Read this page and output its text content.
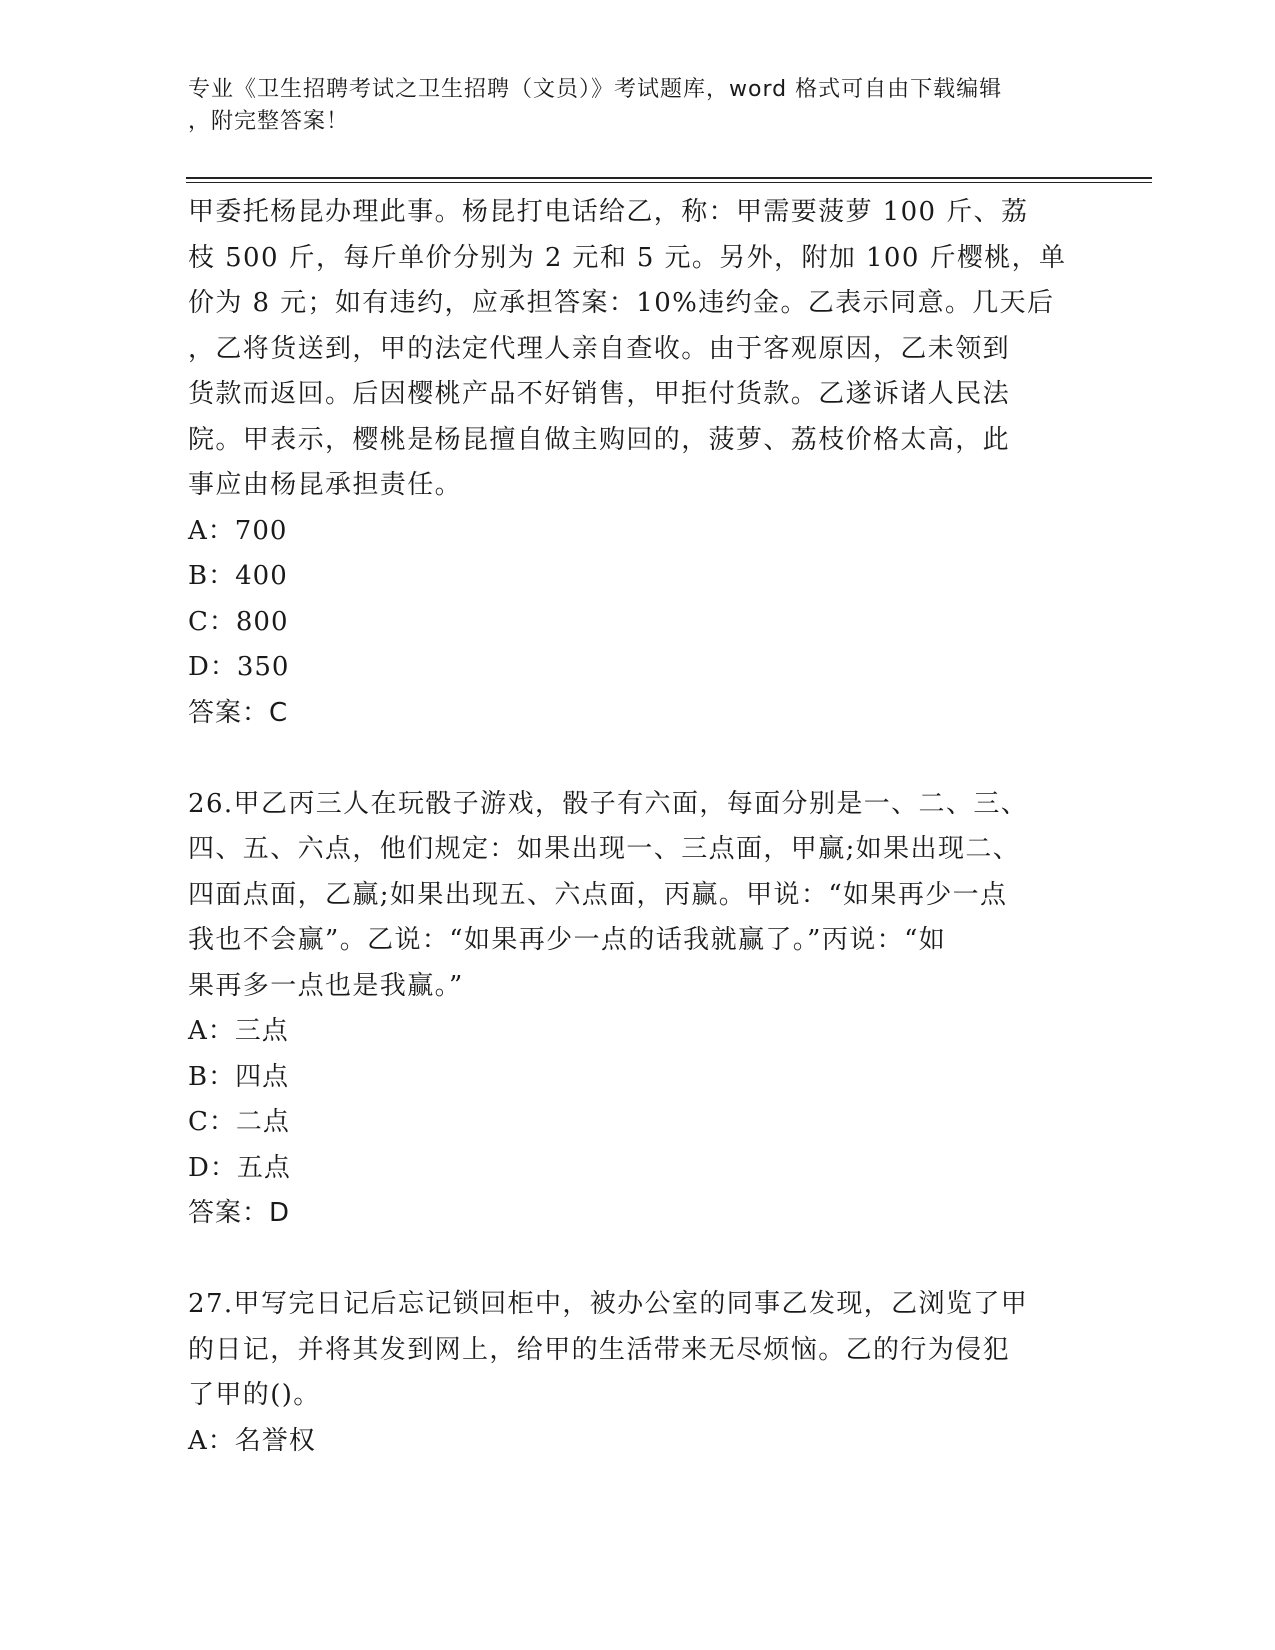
专业《卫生招聘考试之卫生招聘（文员）》考试题库，word 格式可自由下载编辑
，附完整答案！

甲委托杨昆办理此事。杨昆打电话给乙，称：甲需要菠萝 100 斤、荔

枝 500 斤，每斤单价分别为 2 元和 5 元。另外，附加 100 斤樱桃，单

价为 8 元；如有违约，应承担答案：10%违约金。乙表示同意。几天后

，乙将货送到，甲的法定代理人亲自查收。由于客观原因，乙未领到

货款而返回。后因樱桃产品不好销售，甲拒付货款。乙遂诉诸人民法

院。甲表示，樱桃是杨昆擅自做主购回的，菠萝、荔枝价格太高，此

事应由杨昆承担责任。

A：700

B：400

C：800

D：350

答案：C

26.甲乙丙三人在玩骰子游戏，骰子有六面，每面分别是一、二、三、

四、五、六点，他们规定：如果出现一、三点面，甲赢;如果出现二、

四面点面，乙赢;如果出现五、六点面，丙赢。甲说：“如果再少一点

我也不会赢”。乙说：“如果再少一点的话我就赢了。”丙说：“如

果再多一点也是我赢。”

A：三点

B：四点

C：二点

D：五点

答案：D

27.甲写完日记后忘记锁回柜中，被办公室的同事乙发现，乙浏览了甲

的日记，并将其发到网上，给甲的生活带来无尽烦恼。乙的行为侵犯

了甲的()。

A：名誉权
